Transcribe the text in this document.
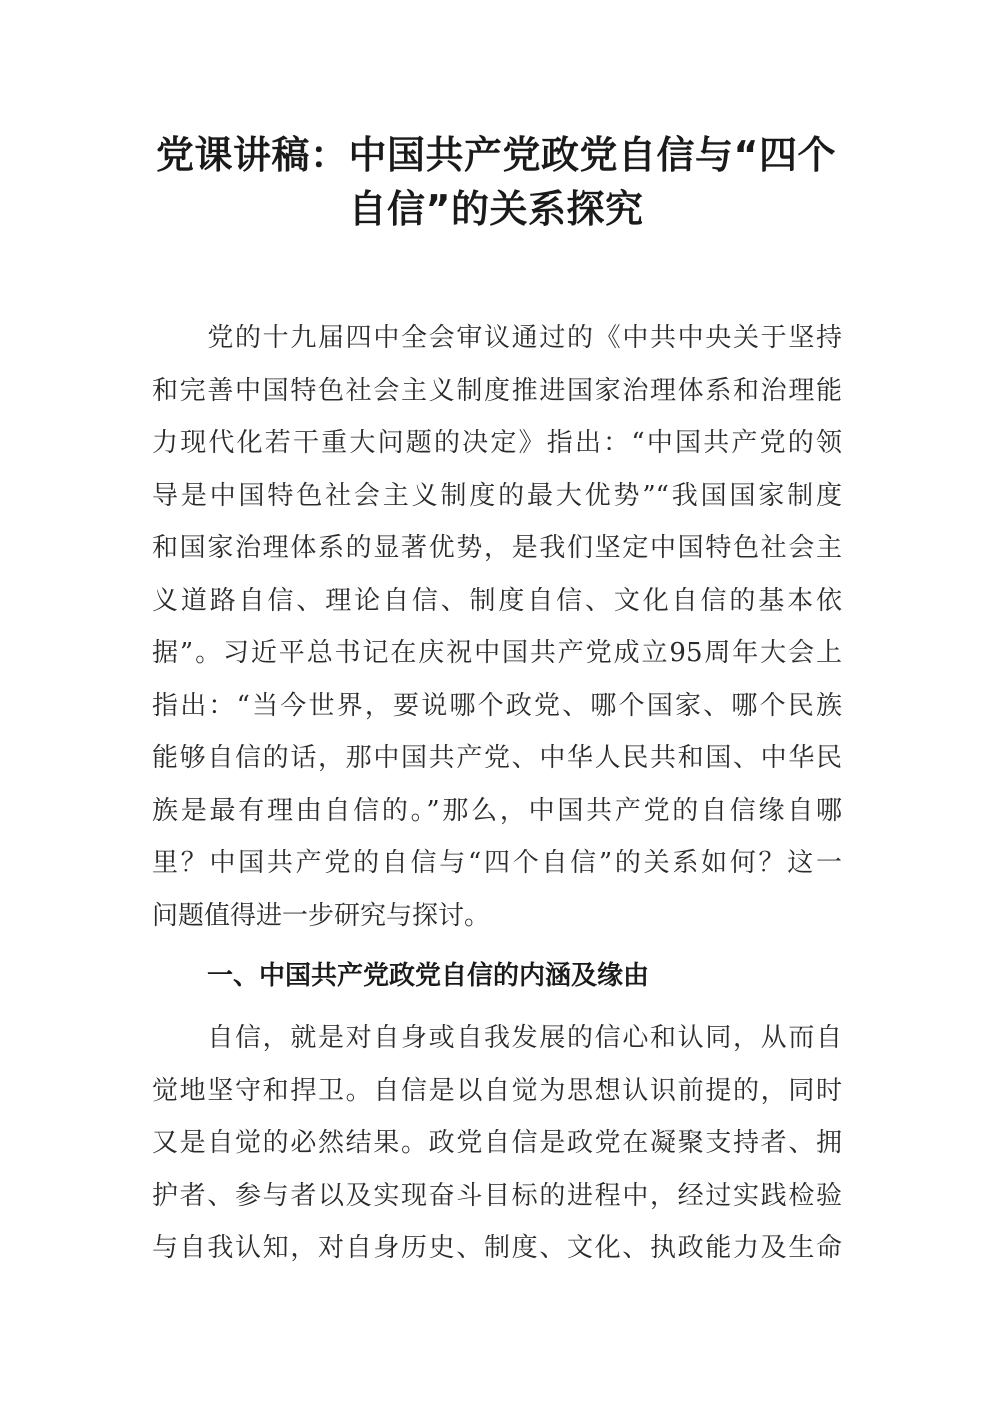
党课讲稿：中国共产党政党自信与“四个
自信”的关系探究
　　党的十九届四中全会审议通过的《中共中央关于坚持
和完善中国特色社会主义制度推进国家治理体系和治理能
力现代化若干重大问题的决定》指出：“中国共产党的领
导是中国特色社会主义制度的最大优势”“我国国家制度
和国家治理体系的显著优势，是我们坚定中国特色社会主
义道路自信、理论自信、制度自信、文化自信的基本依
据”。习近平总书记在庆祝中国共产党成立95周年大会上
指出：“当今世界，要说哪个政党、哪个国家、哪个民族
能够自信的话，那中国共产党、中华人民共和国、中华民
族是最有理由自信的。”那么，中国共产党的自信缘自哪
里？中国共产党的自信与“四个自信”的关系如何？这一
问题值得进一步研究与探讨。
一、中国共产党政党自信的内涵及缘由
　　自信，就是对自身或自我发展的信心和认同，从而自
觉地坚守和捍卫。自信是以自觉为思想认识前提的，同时
又是自觉的必然结果。政党自信是政党在凝聚支持者、拥
护者、参与者以及实现奋斗目标的进程中，经过实践检验
与自我认知，对自身历史、制度、文化、执政能力及生命
